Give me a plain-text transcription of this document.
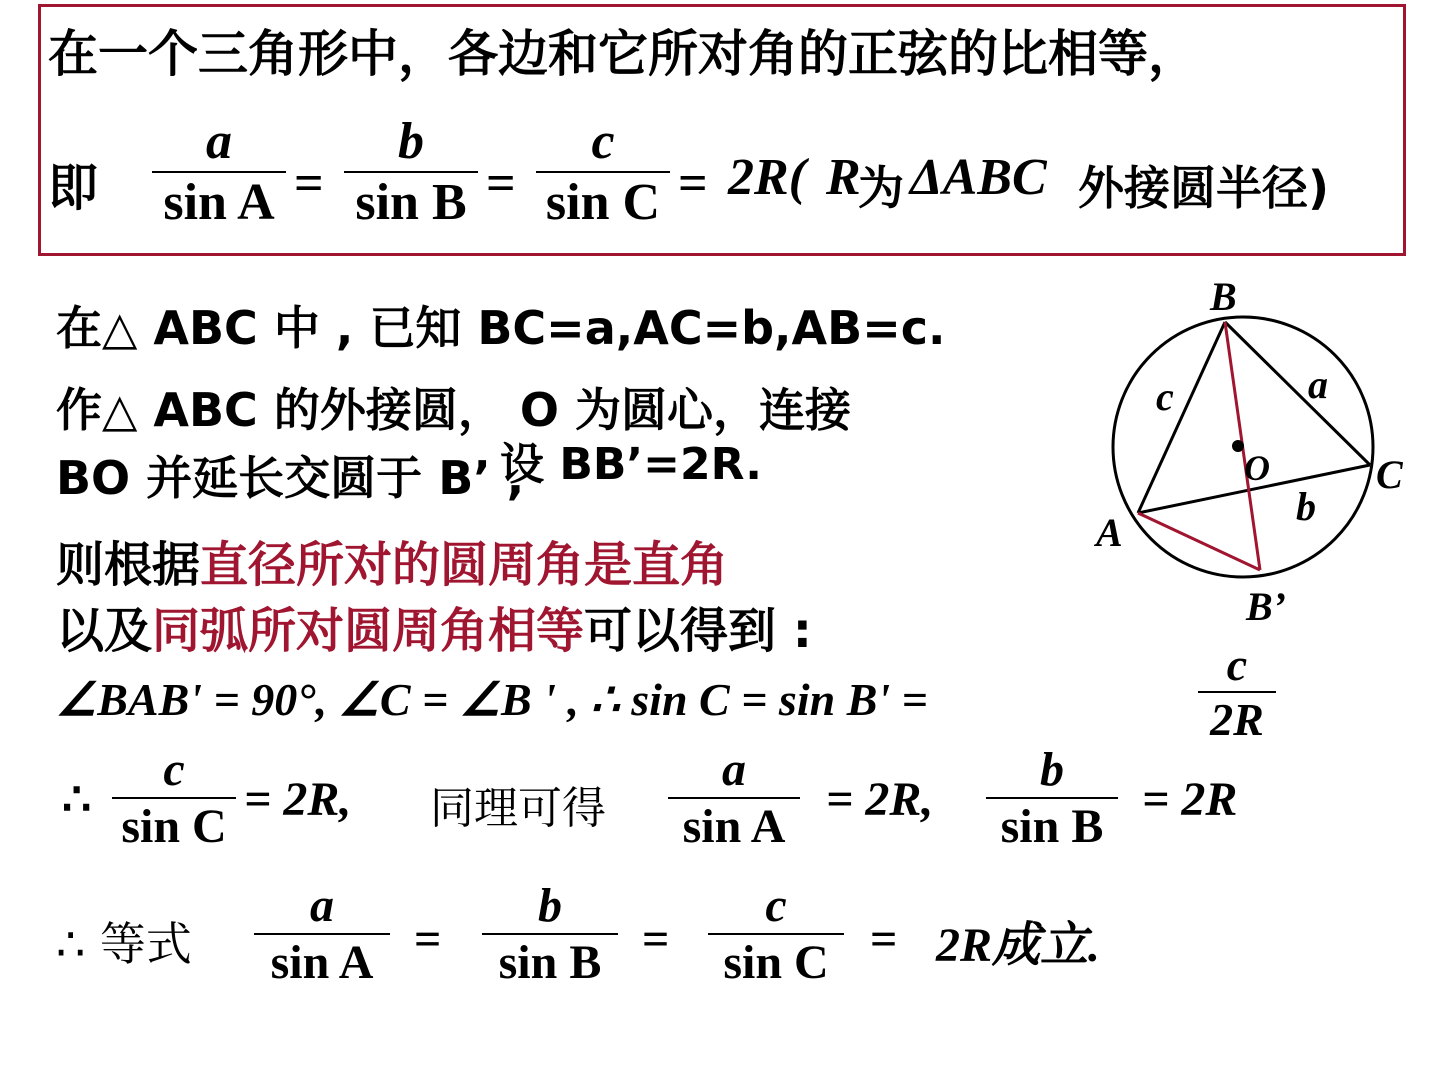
在一个三角形中，各边和它所对角的正弦的比相等，
即
a
sin A =
b
sin B =
c
sin C = 2R( R
为 ΔABC 外接圆半径)
在△ ABC 中 , 已知 BC=a,AC=b,AB=c.
作△ ABC 的外接圆， O 为圆心，连接
BO 并延长交圆于 B’ ,
设 BB’=2R.
则根据直径所对的圆周角是直角
以及同弧所对圆周角相等可以得到 :
∠BAB' = 90°, ∠C = ∠B ' , ∴ sin C = sin B' =
c
2R
∴
c
sin C
= 2R, 同理可得
a
sin A
= 2R,
b
sin B
= 2R
∴ 等式
a
sin A =
b
sin B =
c
sin C = 2R成立.
B
c	a
O	C
b
A
B’
